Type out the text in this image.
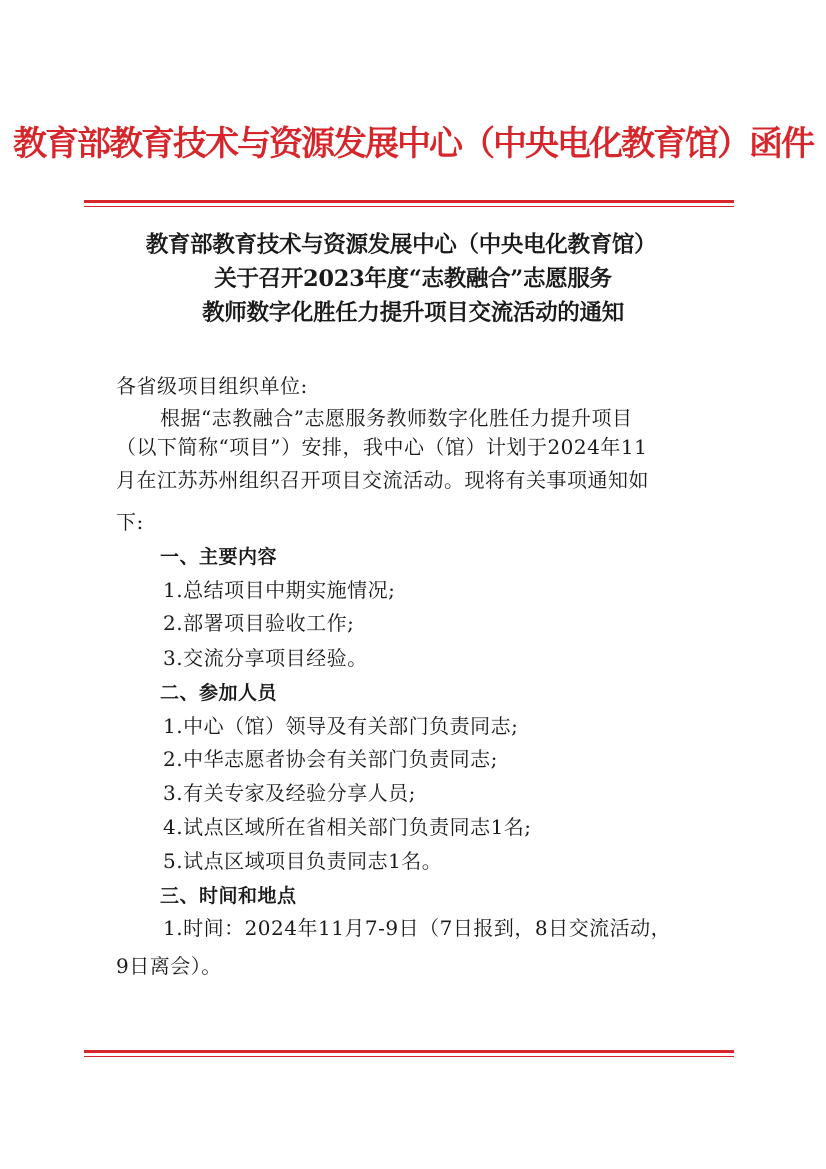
教育部教育技术与资源发展中心（中央电化教育馆）函件
教育部教育技术与资源发展中心（中央电化教育馆）
关于召开2023年度“志教融合”志愿服务
教师数字化胜任力提升项目交流活动的通知
各省级项目组织单位:
根据“志教融合”志愿服务教师数字化胜任力提升项目
（以下简称“项目”）安排，我中心（馆）计划于2024年11
月在江苏苏州组织召开项目交流活动。现将有关事项通知如
下:
一、主要内容
1.总结项目中期实施情况;
2.部署项目验收工作;
3.交流分享项目经验。
二、参加人员
1.中心（馆）领导及有关部门负责同志;
2.中华志愿者协会有关部门负责同志;
3.有关专家及经验分享人员;
4.试点区域所在省相关部门负责同志1名;
5.试点区域项目负责同志1名。
三、时间和地点
1.时间：2024年11月7-9日（7日报到，8日交流活动，
9日离会）。
